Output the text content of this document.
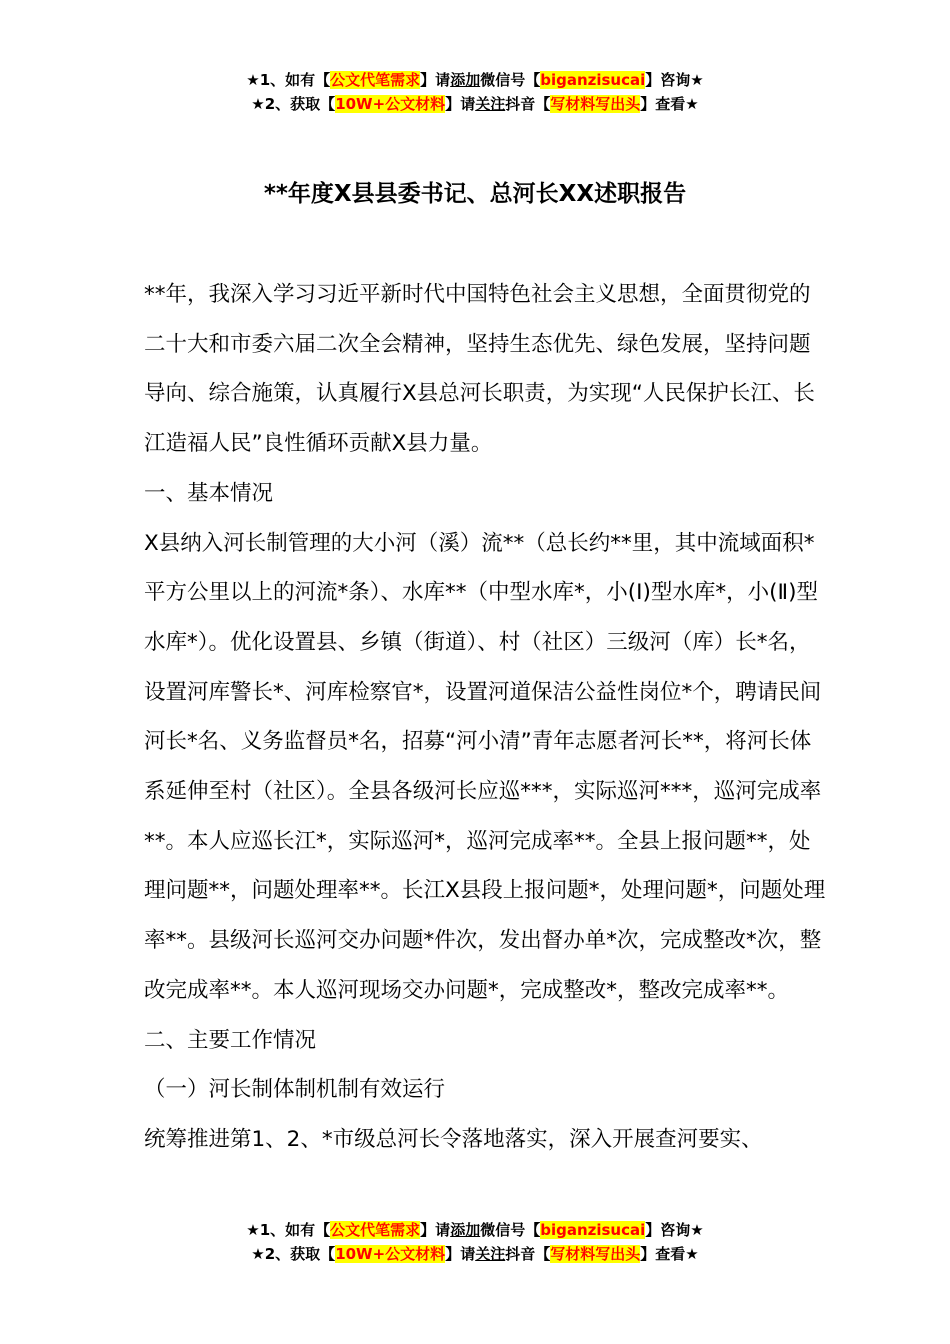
★1、如有【公文代笔需求】请添加微信号【biganzisucai】咨询★
★2、获取【10W+公文材料】请关注抖音【写材料写出头】查看★
**年度X县县委书记、总河长XX述职报告

**年，我深入学习习近平新时代中国特色社会主义思想，全面贯彻党的二十大和市委六届二次全会精神，坚持生态优先、绿色发展，坚持问题导向、综合施策，认真履行X县总河长职责，为实现“人民保护长江、长江造福人民”良性循环贡献X县力量。

一、基本情况

X县纳入河长制管理的大小河（溪）流**（总长约**里，其中流域面积*平方公里以上的河流*条）、水库**（中型水库*，小(Ⅰ)型水库*，小(Ⅱ)型水库*）。优化设置县、乡镇（街道）、村（社区）三级河（库）长*名，设置河库警长*、河库检察官*，设置河道保洁公益性岗位*个，聘请民间河长*名、义务监督员*名，招募“河小清”青年志愿者河长**，将河长体系延伸至村（社区）。全县各级河长应巡***，实际巡河***，巡河完成率**。本人应巡长江*，实际巡河*，巡河完成率**。全县上报问题**，处理问题**，问题处理率**。长江X县段上报问题*，处理问题*，问题处理率**。县级河长巡河交办问题*件次，发出督办单*次，完成整改*次，整改完成率**。本人巡河现场交办问题*，完成整改*，整改完成率**。

二、主要工作情况

（一）河长制体制机制有效运行

统筹推进第1、2、*市级总河长令落地落实，深入开展查河要实、

★1、如有【公文代笔需求】请添加微信号【biganzisucai】咨询★
★2、获取【10W+公文材料】请关注抖音【写材料写出头】查看★
